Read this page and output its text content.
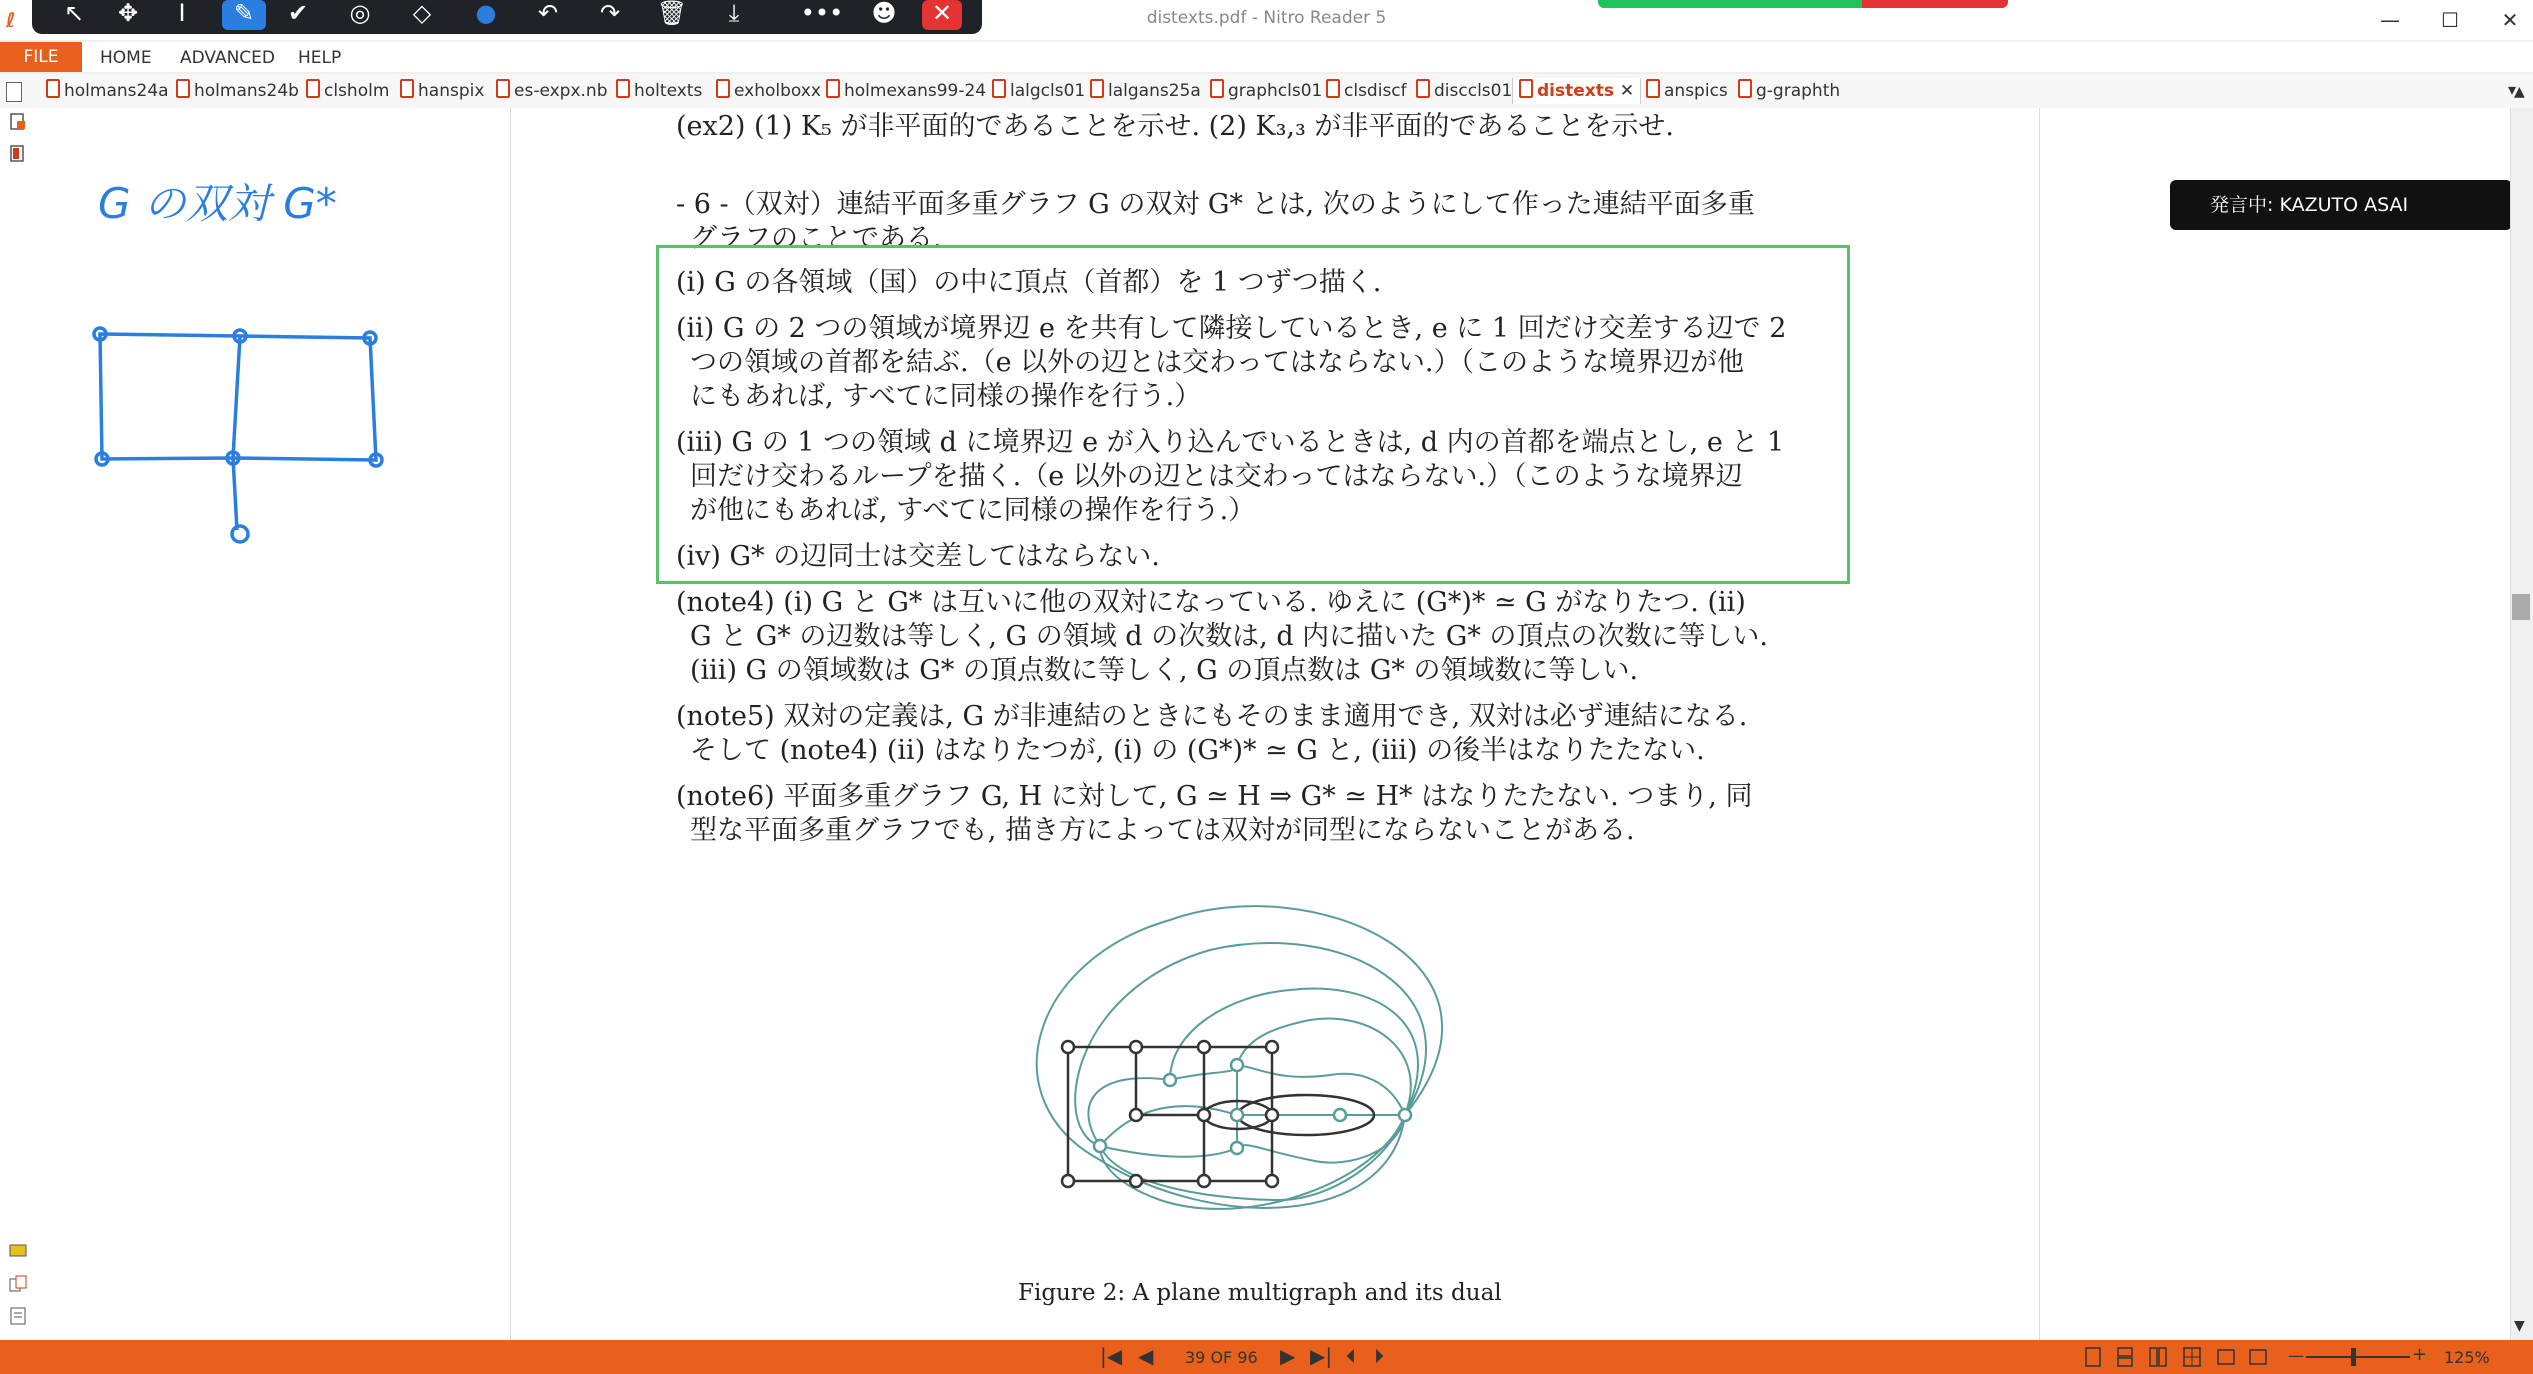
ℓ	distexts.pdf - Nitro Reader 5	—	☐	✕
↖	✥	I	✎	✔	◎	◇	●	↶	↷	🗑	⤓	•••	☻	✕
FILE	HOME ADVANCED HELP
holmans24a	holmans24b	clsholm	hanspix	es-expx.nb	holtexts	exholboxx	holmexans99-24	lalgcls01	lalgans25a	graphcls01	clsdiscf	disccls01	distexts ✕	anspics	g-graphth	▾
G の双対 G*
(ex2) (1) K₅ が非平面的であることを示せ. (2) K₃,₃ が非平面的であることを示せ.
- 6 -（双対）連結平面多重グラフ G の双対 G* とは, 次のようにして作った連結平面多重
グラフのことである.
(i) G の各領域（国）の中に頂点（首都）を 1 つずつ描く.
(ii) G の 2 つの領域が境界辺 e を共有して隣接しているとき, e に 1 回だけ交差する辺で 2
つの領域の首都を結ぶ.（e 以外の辺とは交わってはならない.）（このような境界辺が他
にもあれば, すべてに同様の操作を行う.）
(iii) G の 1 つの領域 d に境界辺 e が入り込んでいるときは, d 内の首都を端点とし, e と 1
回だけ交わるループを描く.（e 以外の辺とは交わってはならない.）（このような境界辺
が他にもあれば, すべてに同様の操作を行う.）
(iv) G* の辺同士は交差してはならない.
(note4) (i) G と G* は互いに他の双対になっている. ゆえに (G*)* ≃ G がなりたつ. (ii)
G と G* の辺数は等しく, G の領域 d の次数は, d 内に描いた G* の頂点の次数に等しい.
(iii) G の領域数は G* の頂点数に等しく, G の頂点数は G* の領域数に等しい.
(note5) 双対の定義は, G が非連結のときにもそのまま適用でき, 双対は必ず連結になる.
そして (note4) (ii) はなりたつが, (i) の (G*)* ≃ G と, (iii) の後半はなりたたない.
(note6) 平面多重グラフ G, H に対して, G ≃ H ⇒ G* ≃ H* はなりたたない. つまり, 同
型な平面多重グラフでも, 描き方によっては双対が同型にならないことがある.
Figure 2: A plane multigraph and its dual
発言中: KAZUTO ASAI
▲
▼
|◀ ◀ 39 OF 96 ▶ ▶| ⏴ ⏵	—	+ 125%
